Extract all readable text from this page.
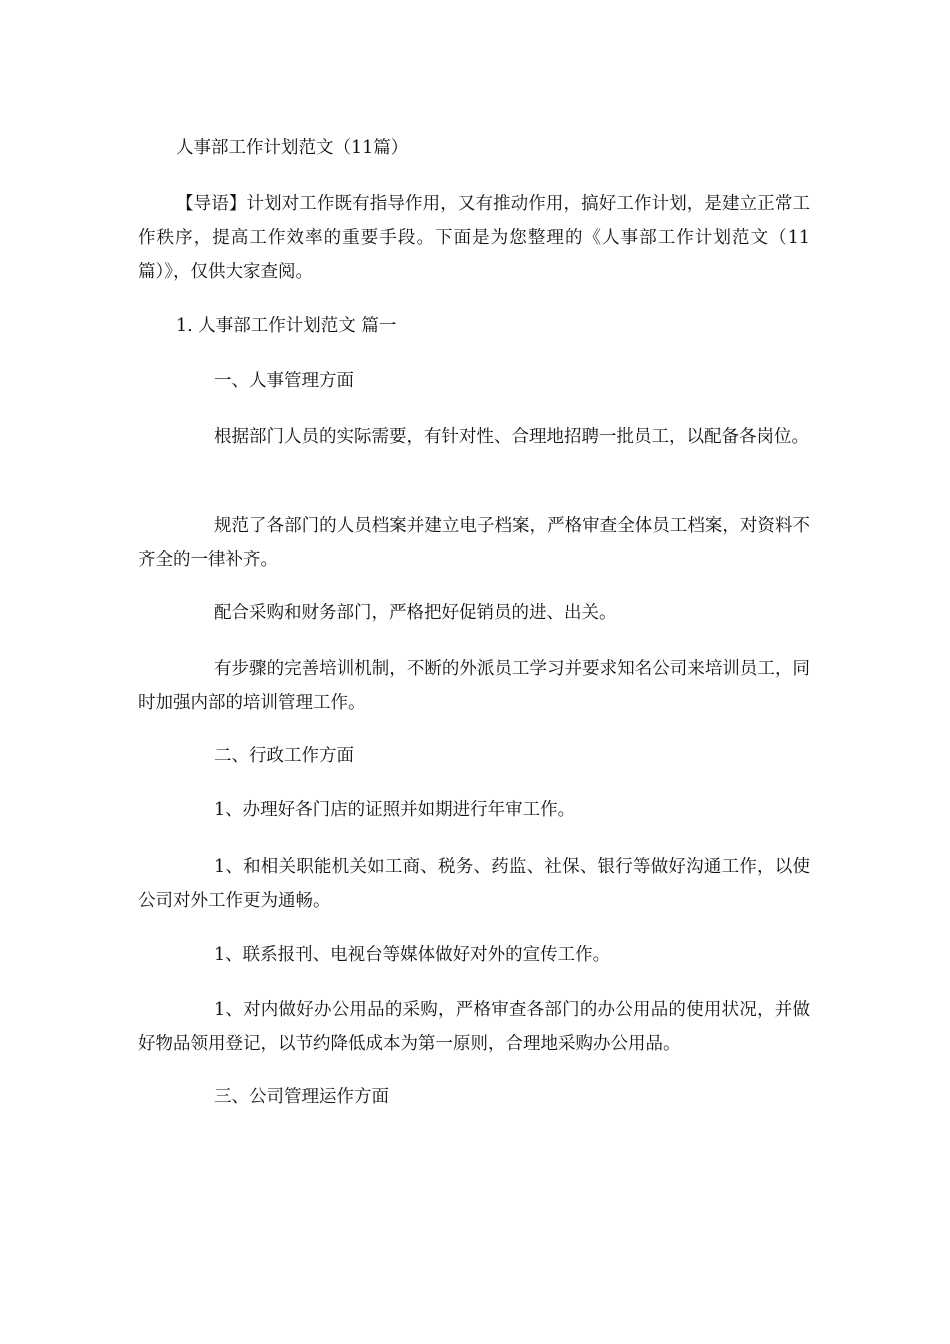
人事部工作计划范文（11篇）

【导语】计划对工作既有指导作用，又有推动作用，搞好工作计划，是建立正常工作秩序，提高工作效率的重要手段。下面是为您整理的《人事部工作计划范文（11篇）》，仅供大家查阅。

1. 人事部工作计划范文 篇一

一、人事管理方面

根据部门人员的实际需要，有针对性、合理地招聘一批员工，以配备各岗位。

规范了各部门的人员档案并建立电子档案，严格审查全体员工档案，对资料不齐全的一律补齐。

配合采购和财务部门，严格把好促销员的进、出关。

有步骤的完善培训机制，不断的外派员工学习并要求知名公司来培训员工，同时加强内部的培训管理工作。

二、行政工作方面

1、办理好各门店的证照并如期进行年审工作。

1、和相关职能机关如工商、税务、药监、社保、银行等做好沟通工作，以使公司对外工作更为通畅。

1、联系报刊、电视台等媒体做好对外的宣传工作。

1、对内做好办公用品的采购，严格审查各部门的办公用品的使用状况，并做好物品领用登记，以节约降低成本为第一原则，合理地采购办公用品。

三、公司管理运作方面
